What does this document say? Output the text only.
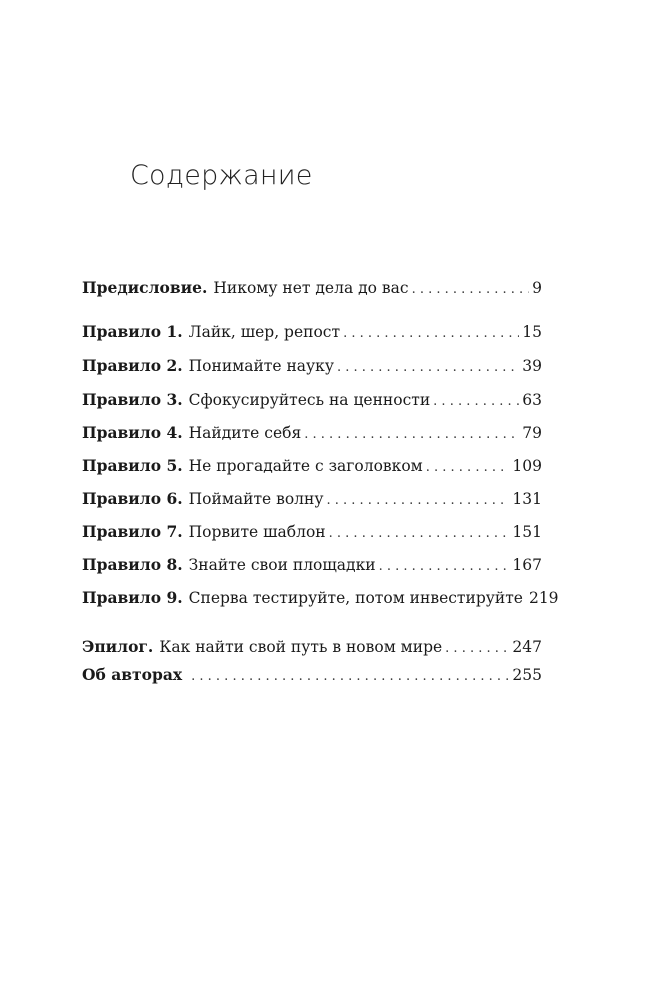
Содержание
Предисловие. Никому нет дела до вас . . .	9
Правило 1. Лайк, шер, репост . . .	15
Правило 2. Понимайте науку . . .	39
Правило 3. Сфокусируйтесь на ценности . . .	63
Правило 4. Найдите себя . . .	79
Правило 5. Не прогадайте с заголовком . . .	109
Правило 6. Поймайте волну . . .	131
Правило 7. Порвите шаблон . . .	151
Правило 8. Знайте свои площадки . . .	167
Правило 9. Сперва тестируйте, потом инвестируйте 219
Эпилог. Как найти свой путь в новом мире . . .	247
Об авторах . . .	255
